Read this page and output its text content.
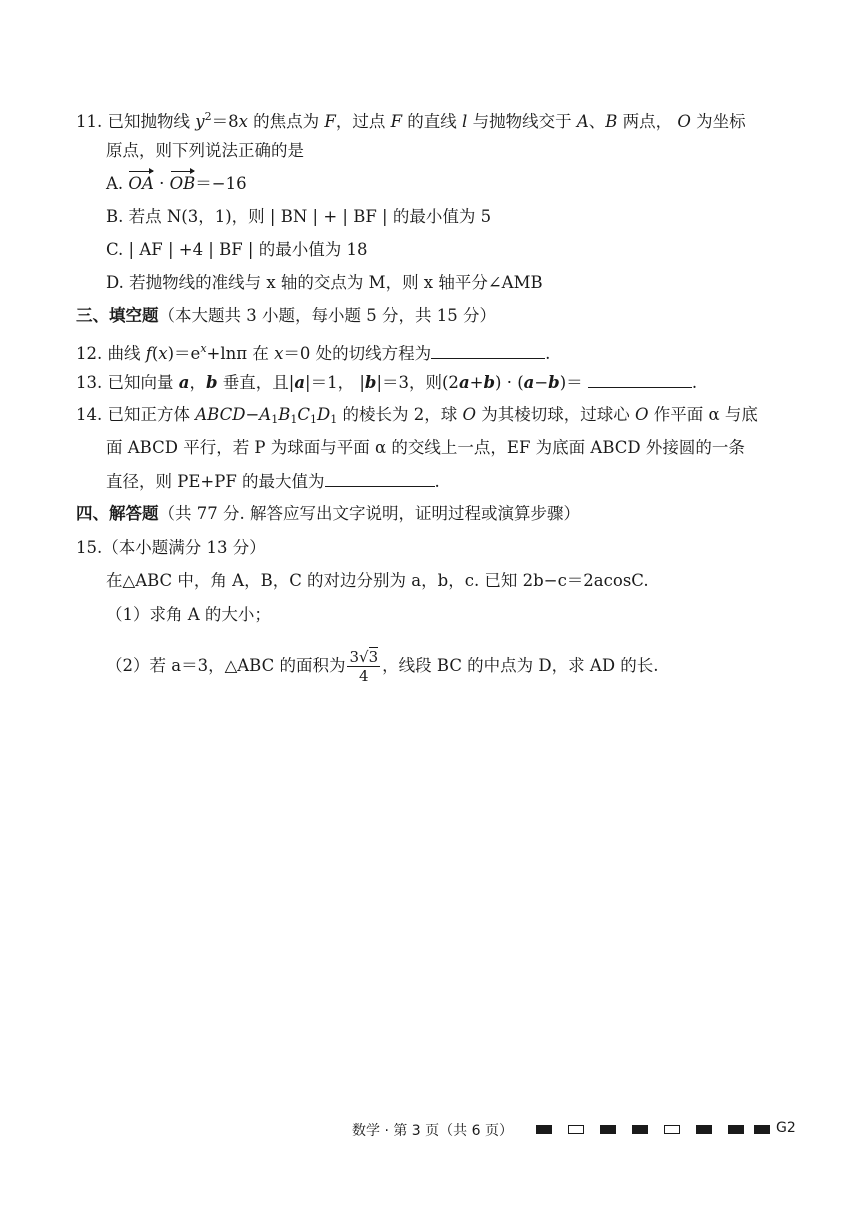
11. 已知抛物线 $y^2=8x$ 的焦点为 F，过点 F 的直线 l 与抛物线交于 A、B 两点， O 为坐标
原点，则下列说法正确的是
A. OA · OB＝−16
B. 若点 N(3，1)，则 | BN | + | BF | 的最小值为 5
C. | AF | +4 | BF | 的最小值为 18
D. 若抛物线的准线与 x 轴的交点为 M，则 x 轴平分∠AMB
三、填空题（本大题共 3 小题，每小题 5 分，共 15 分）
12. 曲线 $f(x)=e^x+\ln\pi$ 在 x＝0 处的切线方程为	.
13. 已知向量 a，b 垂直，且|a|＝1， |b|＝3，则(2a+b) · (a−b)＝	.
14. 已知正方体 $ABCD-A_1B_1C_1D_1$ 的棱长为 2，球 O 为其棱切球，过球心 O 作平面 α 与底
面 ABCD 平行，若 P 为球面与平面 α 的交线上一点，EF 为底面 ABCD 外接圆的一条
直径，则 PE+PF 的最大值为	.
四、解答题（共 77 分. 解答应写出文字说明，证明过程或演算步骤）
15.（本小题满分 13 分）
在△ABC 中，角 A，B，C 的对边分别为 a，b，c. 已知 2b−c＝2acosC.
（1）求角 A 的大小；
（2）若 a＝3，△ABC 的面积为 $\frac{3√3}{4}$ ，线段 BC 的中点为 D，求 AD 的长.
数学 · 第 3 页（共 6 页）	G2
